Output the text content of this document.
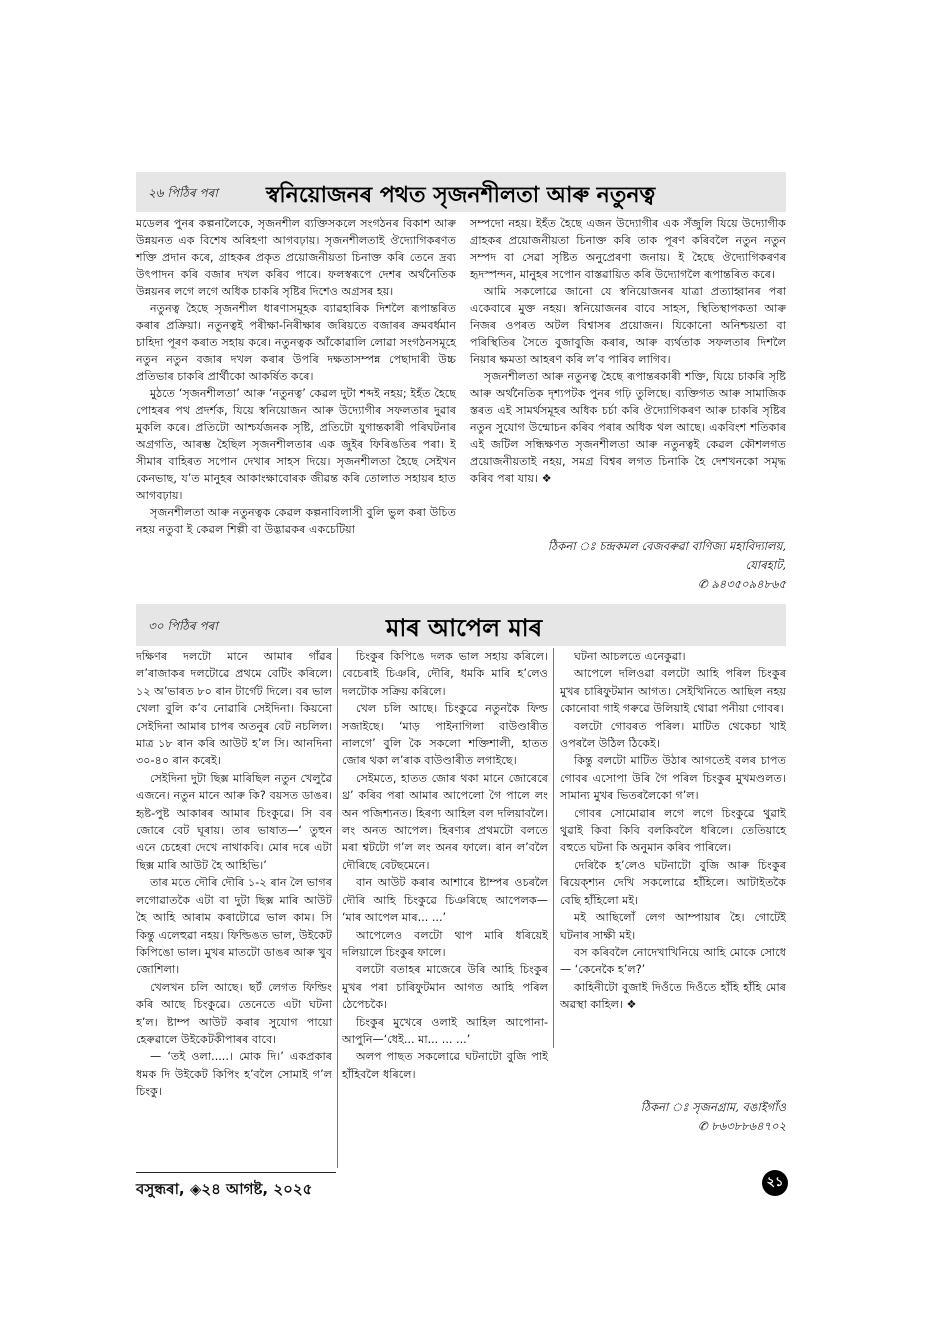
২৬ পিঠিৰ পৰা স্বনিয়োজনৰ পথত সৃজনশীলতা আৰু নতুনত্ব

মডেলৰ পুনৰ কল্পনালৈকে, সৃজনশীল ব্যক্তিসকলে সংগঠনৰ বিকাশ আৰু উন্নয়নত এক বিশেষ অৰিহণা আগবঢ়ায়। সৃজনশীলতাই ঔদ্যোগিকৰণত শক্তি প্ৰদান কৰে, গ্ৰাহকৰ প্ৰকৃত প্ৰয়োজনীয়তা চিনাক্ত কৰি তেনে দ্ৰব্য উৎপাদন কৰি বজাৰ দখল কৰিব পাৰে। ফলস্বৰূপে দেশৰ অৰ্থনৈতিক উন্নয়নৰ লগে লগে অধিক চাকৰি সৃষ্টিৰ দিশেও অগ্ৰসৰ হয়।

নতুনত্ব হৈছে সৃজনশীল ধাৰণাসমূহক ব্যাৱহাৰিক দিশলৈ ৰূপান্তৰিত কৰাৰ প্ৰক্ৰিয়া। নতুনত্বই পৰীক্ষা-নিৰীক্ষাৰ জৰিয়তে বজাৰৰ ক্ৰমবৰ্ধমান চাহিদা পূৰণ কৰাত সহায় কৰে। নতুনত্বক আঁকোৱালি লোৱা সংগঠনসমূহে নতুন নতুন বজাৰ দখল কৰাৰ উপৰি দক্ষতাসম্পন্ন পেছাদাৰী উচ্চ প্ৰতিভাৰ চাকৰি প্ৰাৰ্থীকো আকৰ্ষিত কৰে।

মুঠতে ‘সৃজনশীলতা’ আৰু ‘নতুনত্ব’ কেৱল দুটা শব্দই নহয়; ইহঁত হৈছে পোহৰৰ পথ প্ৰদৰ্শক, যিয়ে স্বনিয়োজন আৰু উদ্যোগীৰ সফলতাৰ দুৱাৰ মুকলি কৰে। প্ৰতিটো আশ্চৰ্যজনক সৃষ্টি, প্ৰতিটো যুগান্তকাৰী পৰিঘটনাৰ অগ্ৰগতি, আৰম্ভ হৈছিল সৃজনশীলতাৰ এক জুইৰ ফিৰিঙতিৰ পৰা। ই সীমাৰ বাহিৰত সপোন দেখাৰ সাহস দিয়ে। সৃজনশীলতা হৈছে সেইখন কেনভাছ, য’ত মানুহৰ আকাংক্ষাবোৰক জীৱন্ত কৰি তোলাত সহায়ৰ হাত আগবঢ়ায়।

সৃজনশীলতা আৰু নতুনত্বক কেৱল কল্পনাবিলাসী বুলি ভুল কৰা উচিত নহয় নতুবা ই কেৱল শিল্পী বা উদ্ভাৱকৰ একচেটিয়া

সম্পদো নহয়। ইহঁত হৈছে এজন উদ্যোগীৰ এক সঁজুলি যিয়ে উদ্যোগীক গ্ৰাহকৰ প্ৰয়োজনীয়তা চিনাক্ত কৰি তাক পূৰণ কৰিবলৈ নতুন নতুন সম্পদ বা সেৱা সৃষ্টিত অনুপ্ৰেৰণা জনায়। ই হৈছে ঔদ্যোগিকৰণৰ হৃদস্পন্দন, মানুহৰ সপোন বাস্তৱায়িত কৰি উদ্যোগলৈ ৰূপান্তৰিত কৰে।

আমি সকলোৱে জানো যে স্বনিয়োজনৰ যাত্ৰা প্ৰত্যাহ্বানৰ পৰা একেবাৰে মুক্ত নহয়। স্বনিয়োজনৰ বাবে সাহস, স্থিতিস্থাপকতা আৰু নিজৰ ওপৰত অটল বিশ্বাসৰ প্ৰয়োজন। যিকোনো অনিশ্চয়তা বা পৰিস্থিতিৰ সৈতে বুজাবুজি কৰাৰ, আৰু ব্যৰ্থতাক সফলতাৰ দিশলৈ নিয়াৰ ক্ষমতা আহৰণ কৰি ল’ব পাৰিব লাগিব।

সৃজনশীলতা আৰু নতুনত্ব হৈছে ৰূপান্তৰকাৰী শক্তি, যিয়ে চাকৰি সৃষ্টি আৰু অৰ্থনৈতিক দৃশ্যপটক পুনৰ গঢ়ি তুলিছে। ব্যক্তিগত আৰু সামাজিক স্তৰত এই সামৰ্থসমূহৰ অধিক চৰ্চা কৰি ঔদ্যোগিকৰণ আৰু চাকৰি সৃষ্টিৰ নতুন সুযোগ উন্মোচন কৰিব পৰাৰ অধিক থল আছে। একবিংশ শতিকাৰ এই জটিল সন্ধিক্ষণত সৃজনশীলতা আৰু নতুনত্বই কেৱল কৌশলগত প্ৰয়োজনীয়তাই নহয়, সমগ্ৰ বিশ্বৰ লগত চিনাকি হৈ দেশখনকো সমৃদ্ধ কৰিব পৰা যায়। ❖

ঠিকনা ঃ চন্দ্ৰকমল বেজবৰুৱা বাণিজ্য মহাবিদ্যালয়,
যোৰহাট,
✆ ৯৪৩৫০৯৪৮৬৫
৩০ পিঠিৰ পৰা	মাৰ আপেল মাৰ

দক্ষিণৰ দলটো মানে আমাৰ গাঁৱৰ ল’ৰাজাকৰ দলটোৱে প্ৰথমে বেটিং কৰিলে। ১২ অ’ভাৰত ৮০ ৰান টাৰ্গেট দিলে। বৰ ভাল খেলা বুলি ক’ব নোৱাৰি সেইদিনা। কিয়নো সেইদিনা আমাৰ চাপৰ অতনুৰ বেট নচলিল। মাত্ৰ ১৮ ৰান কৰি আউট হ’ল সি। আনদিনা ৩০-৪০ ৰান কৰেই।

সেইদিনা দুটা ছিক্স মাৰিছিল নতুন খেলুৱৈ এজনে। নতুন মানে আৰু কি? বয়সত ডাঙৰ। হৃষ্ট-পুষ্ট আকাৰৰ আমাৰ চিংকুৱে। সি বৰ জোৰে বেট ঘূৰায়। তাৰ ভাষাত—‘ তুহুন এনে চেহেৰা দেখে নাথাকবি। মোৰ দৰে এটা ছিক্স মাৰি আউট হৈ আহিভি।’

তাৰ মতে দৌৰি দৌৰি ১-২ ৰান লৈ ভাগৰ লগোৱাতকৈ এটা বা দুটা ছিক্স মাৰি আউট হৈ আহি আৰাম কৰাটোৱে ভাল কাম। সি কিন্তু এলেহুৱা নহয়। ফিল্ডিঙত ভাল, উইকেট কিপিঙো ভাল। মুখৰ মাতটো ডাঙৰ আৰু খুব জোশিলা।

খেলখন চলি আছে। ছৰ্ট লেগত ফিল্ডিং কৰি আছে চিংকুৱে। তেনেতে এটা ঘটনা হ’ল। ষ্টাম্প আউট কৰাৰ সুযোগ পায়ো হেৰুৱালে উইকেটকীপাৰৰ বাবে।

— ‘তই ওলা.....। মোক দি।’ একপ্ৰকাৰ ধমক দি উইকেট কিপিং হ’বলৈ সোমাই গ’ল চিংকু।

চিংকুৰ কিপিঙে দলক ভাল সহায় কৰিলে। বেচেৰাই চিঞৰি, দৌৰি, ধমকি মাৰি হ’লেও দলটোক সক্ৰিয় কৰিলে।

খেল চলি আছে। চিংকুৱে নতুনকৈ ফিল্ড সজাইছে। ‘মাড় পাইনাগিলা বাউণ্ডাৰীত নালগে’ বুলি কৈ সকলো শক্তিশালী, হাতত জোৰ থকা ল’ৰাক বাউণ্ডাৰীত লগাইছে।

সেইমতে, হাতত জোৰ থকা মানে জোৰেৰে থ্ৰ’ কৰিব পৰা আমাৰ আপেলো গৈ পালে লং অন পজিশ্যনত। হিৰণ্য আহিল বল দলিয়াবলৈ। লং অনত আপেল। হিৰণ্যৰ প্ৰথমটো বলতে মৰা শ্বটটো গ’ল লং অনৰ ফালে। ৰান ল’বলৈ দৌৰিছে বেটছমেনে।

বান আউট কৰাৰ আশাৰে ষ্টাম্পৰ ওচৰলৈ দৌৰি আহি চিংকুৱে চিঞৰিছে আপেলক— ‘মাৰ আপেল মাৰ... ...’

আপেলেও বলটো থাপ মাৰি ধৰিয়েই দলিয়ালে চিংকুৰ ফালে।

বলটো বতাহৰ মাজেৰে উৰি আহি চিংকুৰ মুখৰ পৰা চাৰিফুটমান আগত আহি পৰিল ঠেপেচকৈ।

চিংকুৰ মুখেৰে ওলাই আহিল আপোনা-আপুনি—‘ধেই... মা... ... ...’

অলপ পাছত সকলোৱে ঘটনাটো বুজি পাই হাঁহিবলৈ ধৰিলে।

ঘটনা আচলতে এনেকুৱা।

আপেলে দলিওৱা বলটো আহি পৰিল চিংকুৰ মুখৰ চাৰিফুটমান আগত। সেইখিনিতে আছিল নহয় কোনোবা গাই গৰুৱে উলিয়াই থোৱা পনীয়া গোবৰ।

বলটো গোবৰত পৰিল। মাটিত থেকেচা খাই ওপৰলৈ উঠিল ঠিকেই।

কিন্তু বলটো মাটিত উঠাৰ আগতেই বলৰ চাপত গোবৰ এসোপা উৰি গৈ পৰিল চিংকুৰ মুখমণ্ডলত। সামান্য মুখৰ ভিতৰলৈকো গ’ল।

গোবৰ সোমোৱাৰ লগে লগে চিংকুৱে থুৱাই থুৱাই কিবা কিবি বলকিবলৈ ধৰিলে। তেতিয়াহে বহুতে ঘটনা কি অনুমান কৰিব পাৰিলে।

দেৰিকৈ হ’লেও ঘটনাটো বুজি আৰু চিংকুৰ ৰিয়েক্শ্যন দেখি সকলোৱে হাঁহিলে। আটাইতকৈ বেছি হাঁহিলো মই।

মই আছিলোঁ লেগ আম্পায়াৰ হৈ। গোটেই ঘটনাৰ সাক্ষী মই।

বস কৰিবলৈ নোদেখাখিনিয়ে আহি মোকে সোধে— ‘কেনেকৈ হ’ল?’

কাহিনীটো বুজাই দিওঁতে দিওঁতে হাঁহি হাঁহি মোৰ অৱস্থা কাহিল। ❖

ঠিকনা ঃ সৃজনগ্ৰাম, বঙাইগাঁও
✆ ৮৬৩৮৮৬৪৭০২
বসুন্ধৰা, ◈২৪ আগষ্ট, ২০২৫	২১
